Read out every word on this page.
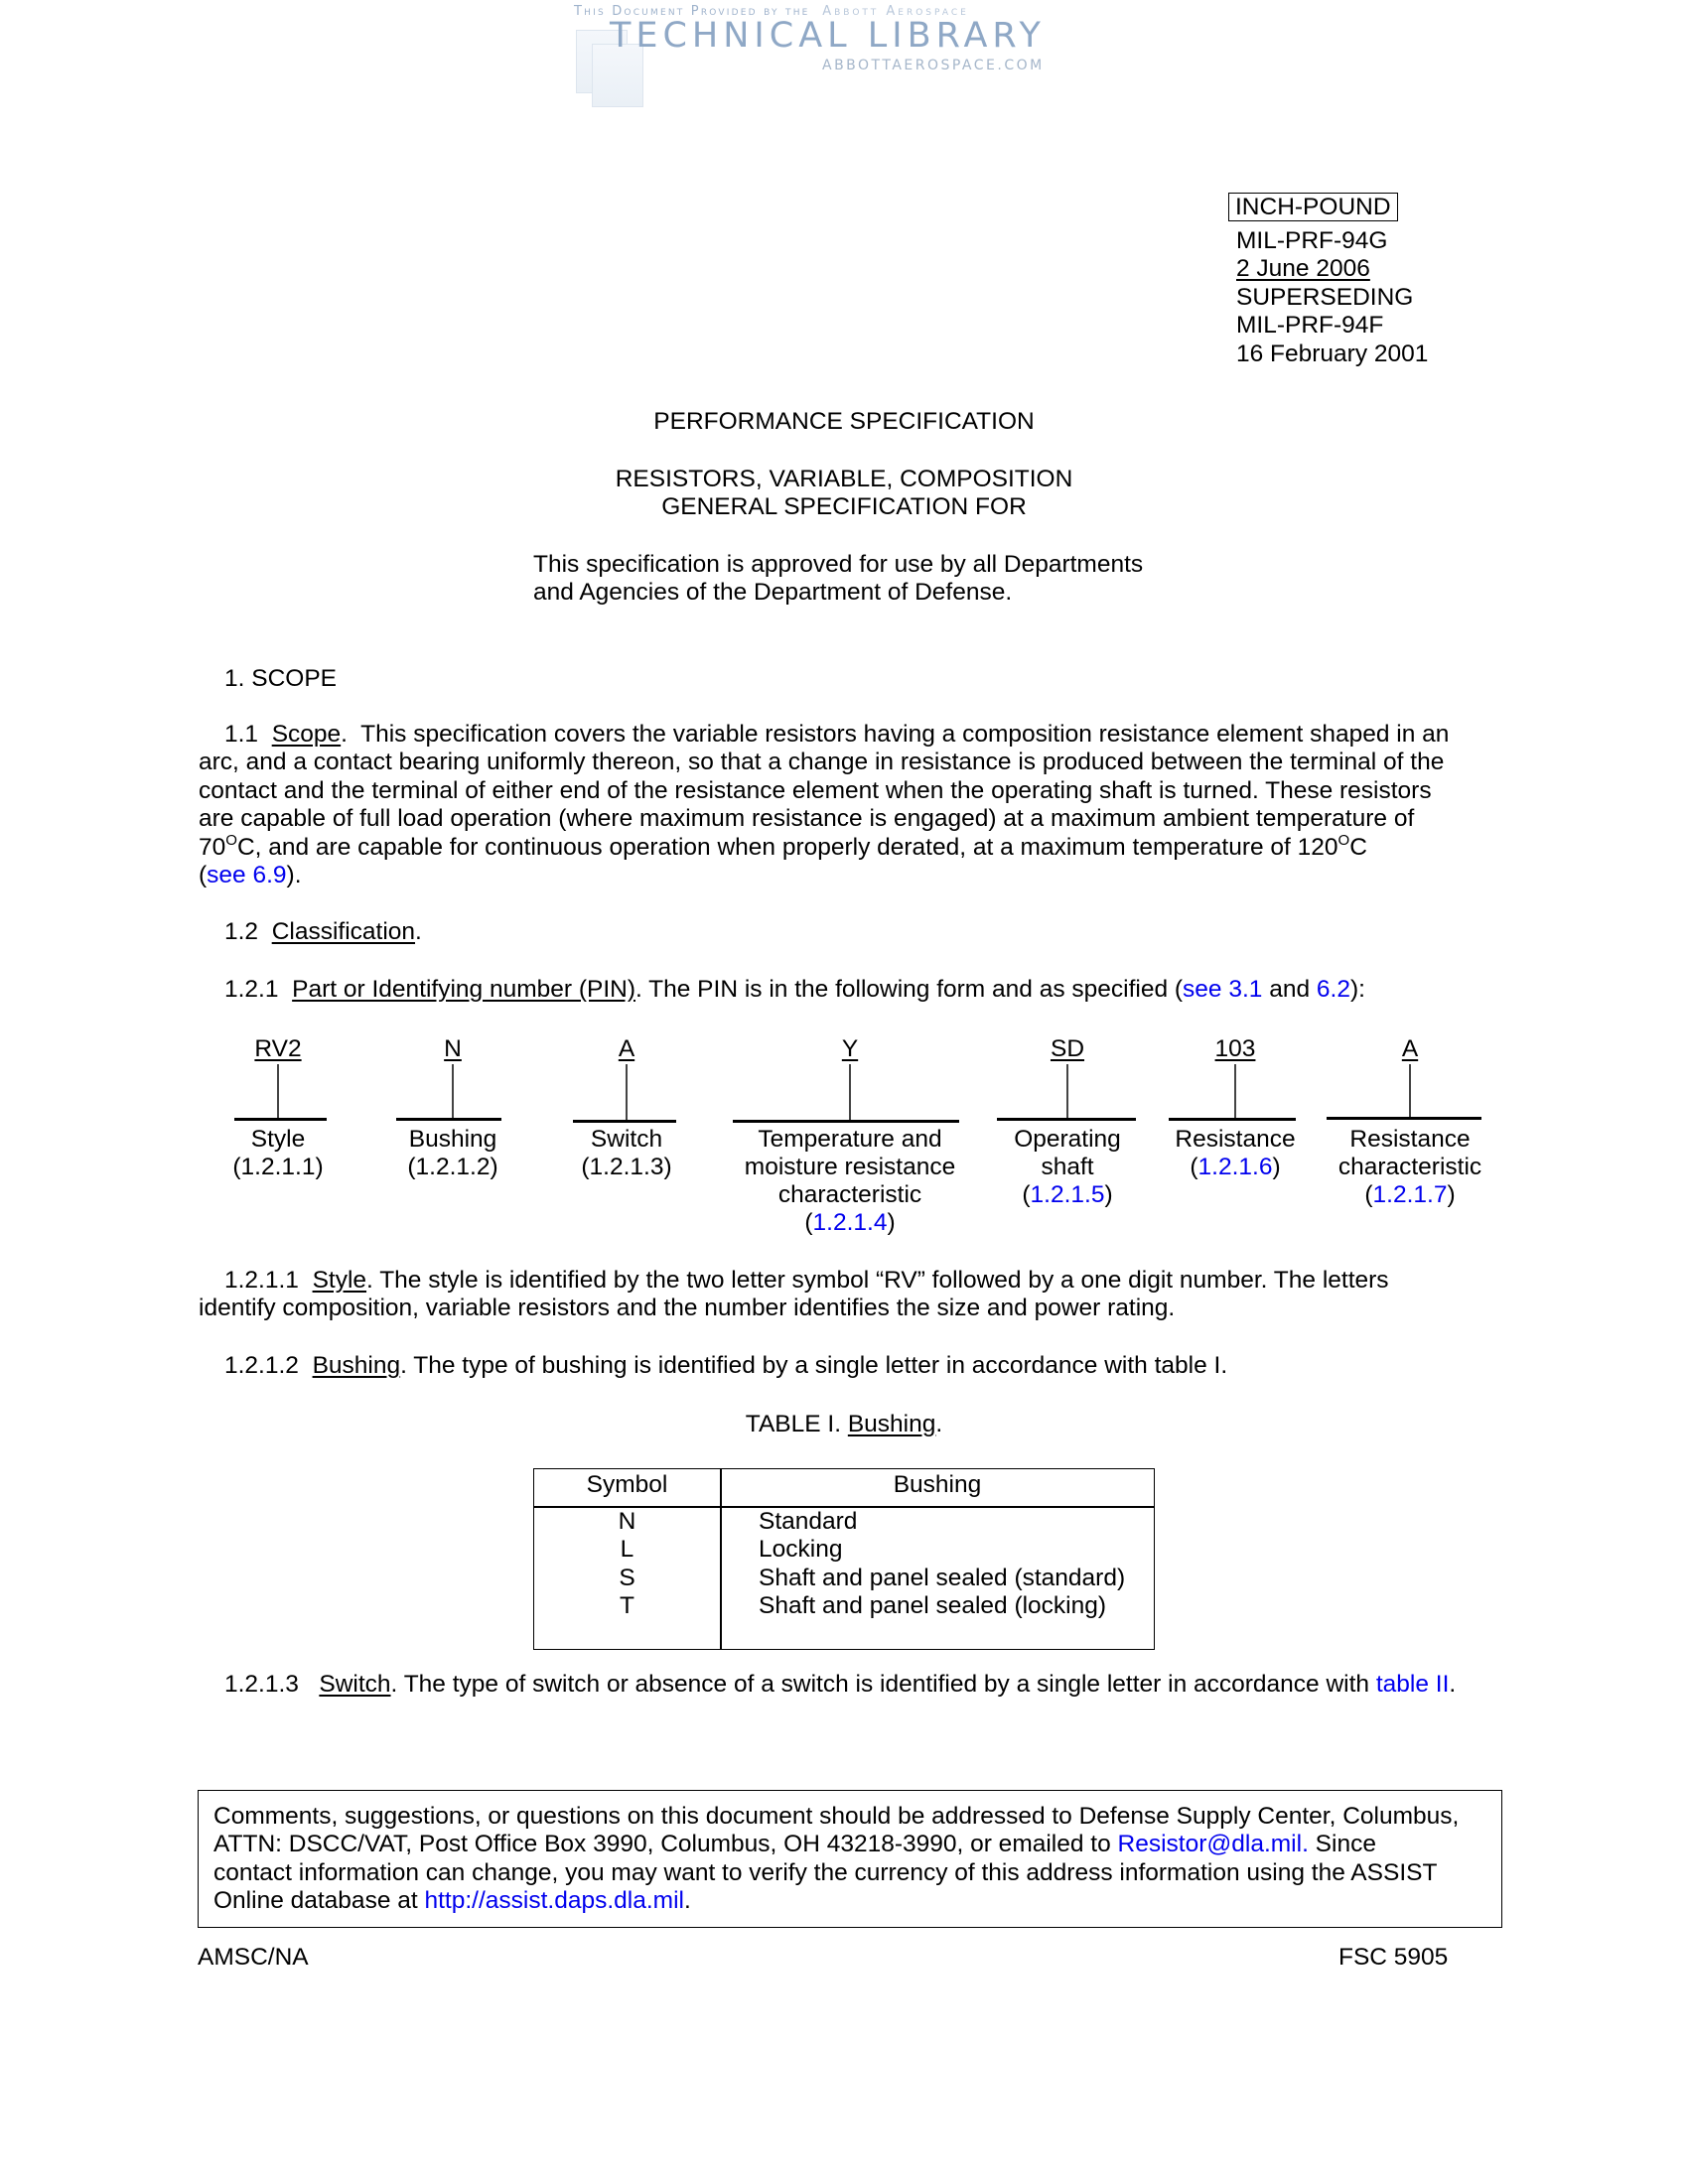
This Document Provided by the Abbott Aerospace
TECHNICAL LIBRARY
ABBOTTAEROSPACE.COM
INCH-POUND
MIL-PRF-94G
2 June 2006
SUPERSEDING
MIL-PRF-94F
16 February 2001
PERFORMANCE SPECIFICATION
RESISTORS, VARIABLE, COMPOSITION
GENERAL SPECIFICATION FOR
This specification is approved for use by all Departments
and Agencies of the Department of Defense.
1. SCOPE
1.1 Scope.  This specification covers the variable resistors having a composition resistance element shaped in an
arc, and a contact bearing uniformly thereon, so that a change in resistance is produced between the terminal of the
contact and the terminal of either end of the resistance element when the operating shaft is turned. These resistors
are capable of full load operation (where maximum resistance is engaged) at a maximum ambient temperature of
$70^OC$, and are capable for continuous operation when properly derated, at a maximum temperature of $120^OC$
(see 6.9).
1.2 Classification.
1.2.1 Part or Identifying number (PIN). The PIN is in the following form and as specified (see 3.1 and 6.2):
RV2
Style
(1.2.1.1)
N
Bushing
(1.2.1.2)
A
Switch
(1.2.1.3)
Y
Temperature and
moisture resistance
characteristic
(1.2.1.4)
SD
Operating
shaft
(1.2.1.5)
103
Resistance
(1.2.1.6)
A
Resistance
characteristic
(1.2.1.7)
1.2.1.1 Style. The style is identified by the two letter symbol “RV” followed by a one digit number. The letters
identify composition, variable resistors and the number identifies the size and power rating.
1.2.1.2 Bushing. The type of bushing is identified by a single letter in accordance with table I.
TABLE I. Bushing.
Symbol	Bushing
N	Standard
L	Locking
S	Shaft and panel sealed (standard)
T	Shaft and panel sealed (locking)
1.2.1.3 Switch. The type of switch or absence of a switch is identified by a single letter in accordance with table II.
Comments, suggestions, or questions on this document should be addressed to Defense Supply Center, Columbus,
ATTN: DSCC/VAT, Post Office Box 3990, Columbus, OH 43218-3990, or emailed to Resistor@dla.mil. Since
contact information can change, you may want to verify the currency of this address information using the ASSIST
Online database at http://assist.daps.dla.mil.
AMSC/NA	FSC 5905
